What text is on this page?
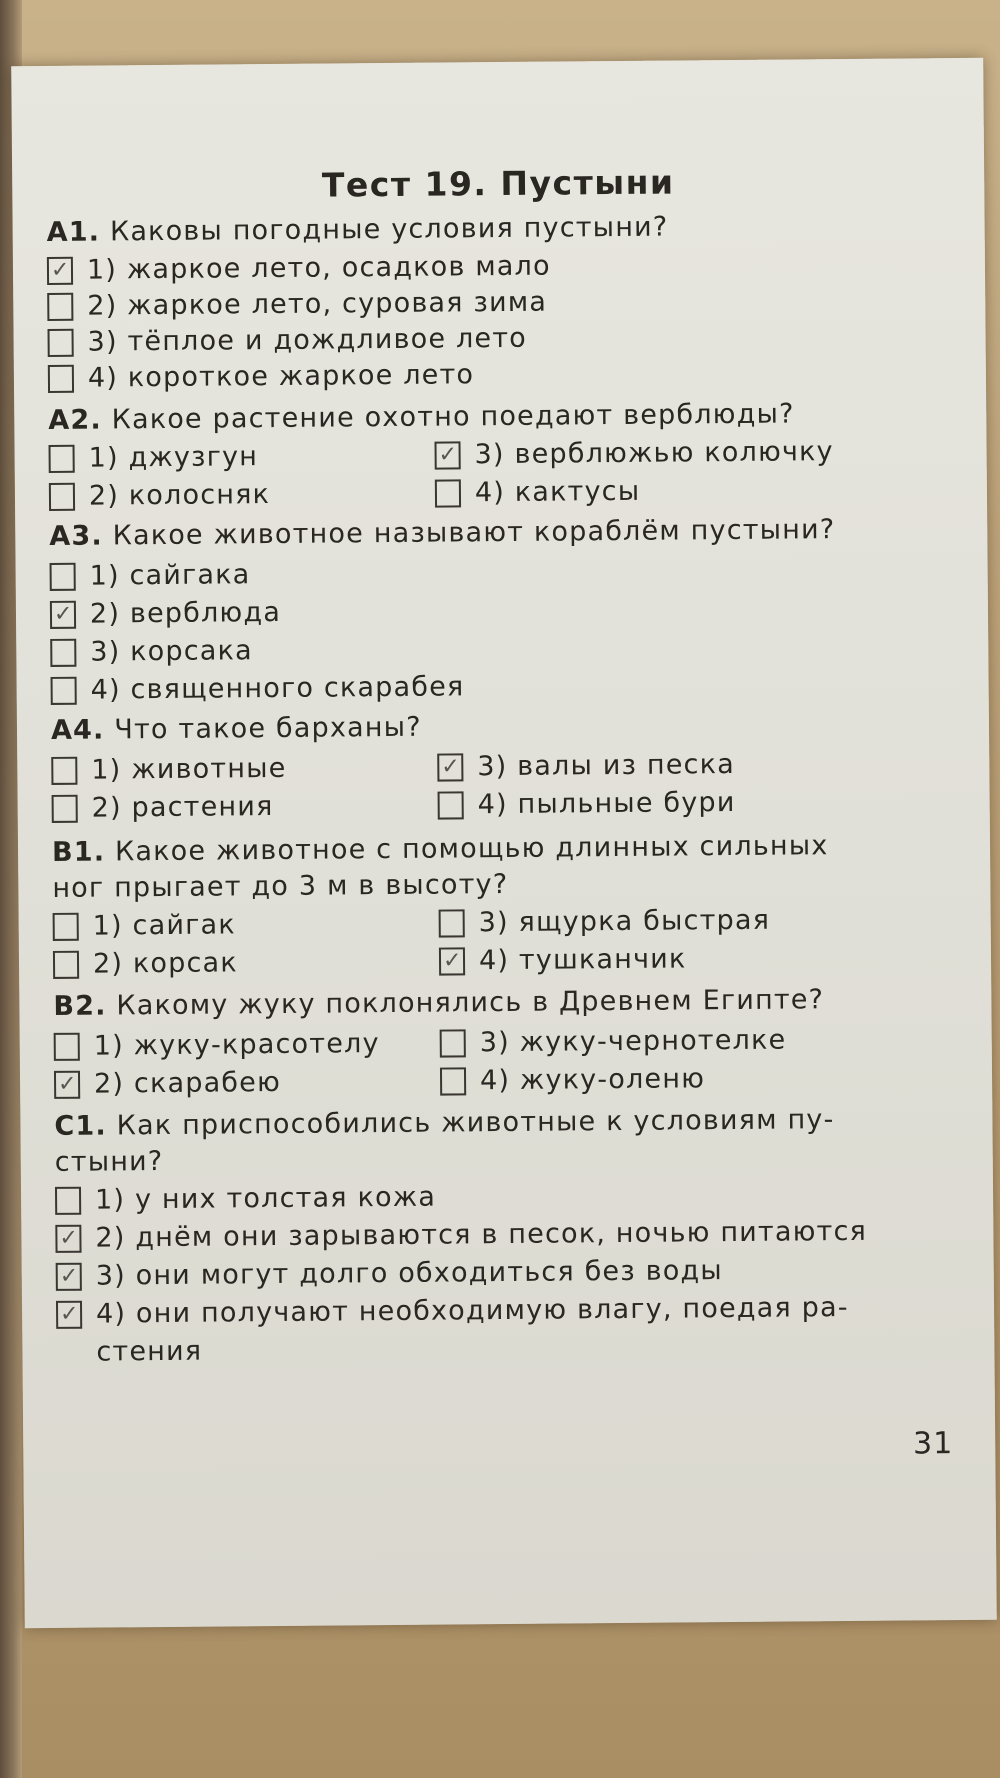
Тест 19. Пустыни
А1. Каковы погодные условия пустыни?
✓
1) жаркое лето, осадков мало
2) жаркое лето, суровая зима
3) тёплое и дождливое лето
4) короткое жаркое лето
А2. Какое растение охотно поедают верблюды?
1) джузгун
2) колосняк
✓
3) верблюжью колючку
4) кактусы
А3. Какое животное называют кораблём пустыни?
1) сайгака
✓
2) верблюда
3) корсака
4) священного скарабея
А4. Что такое барханы?
1) животные
2) растения
✓
3) валы из песка
4) пыльные бури
В1. Какое животное с помощью длинных сильных
ног прыгает до 3 м в высоту?
1) сайгак
2) корсак
3) ящурка быстрая
✓
4) тушканчик
В2. Какому жуку поклонялись в Древнем Египте?
1) жуку-красотелу
✓
2) скарабею
3) жуку-чернотелке
4) жуку-оленю
С1. Как приспособились животные к условиям пу-
стыни?
1) у них толстая кожа
✓
2) днём они зарываются в песок, ночью питаются
✓
3) они могут долго обходиться без воды
✓
4) они получают необходимую влагу, поедая ра-
стения
31
